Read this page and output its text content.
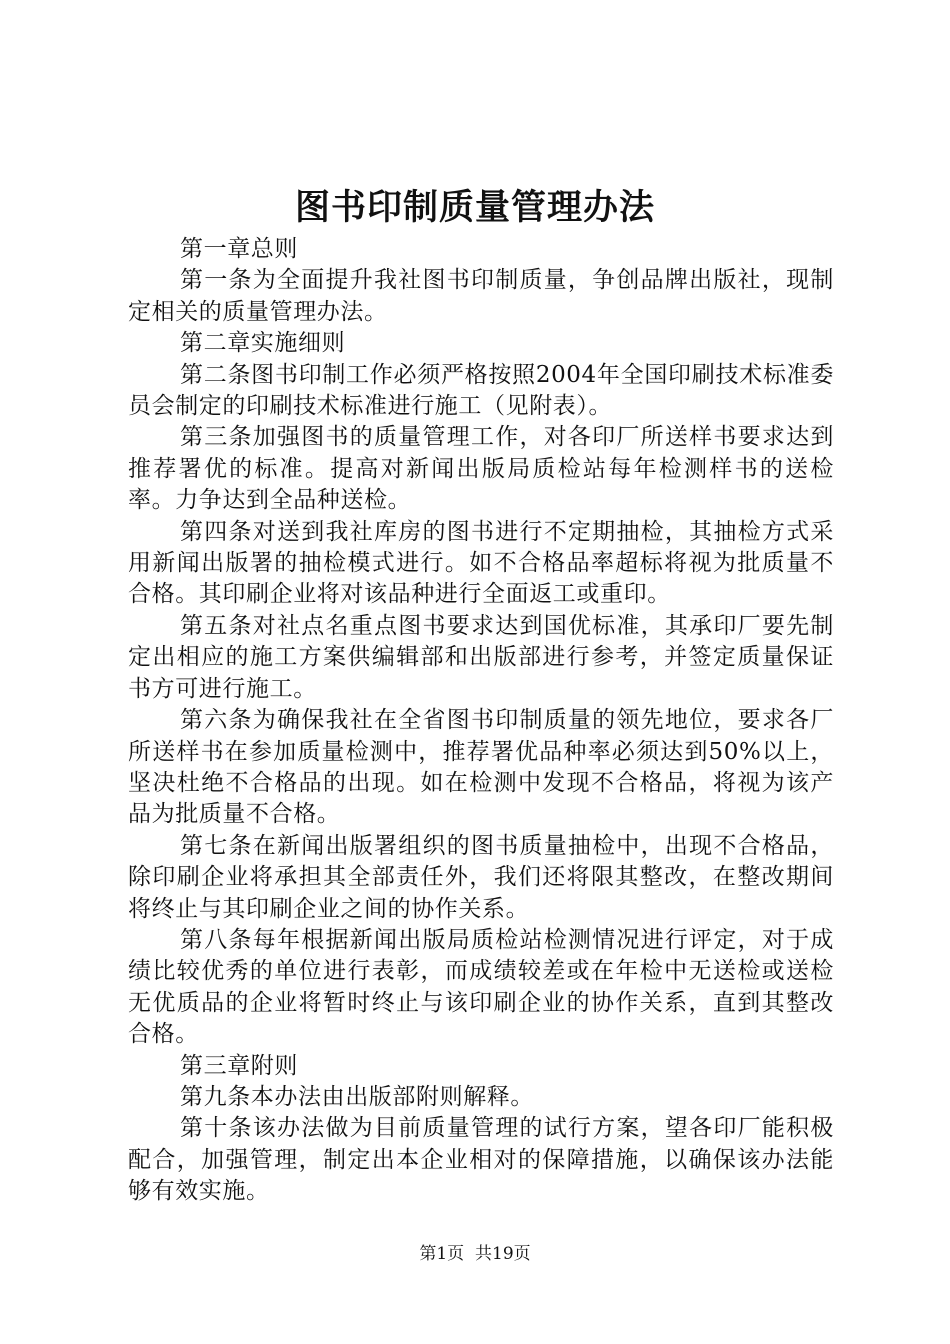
图书印制质量管理办法

第一章总则

第一条为全面提升我社图书印制质量，争创品牌出版社，现制定相关的质量管理办法。

第二章实施细则

第二条图书印制工作必须严格按照2004年全国印刷技术标准委员会制定的印刷技术标准进行施工（见附表）。

第三条加强图书的质量管理工作，对各印厂所送样书要求达到推荐署优的标准。提高对新闻出版局质检站每年检测样书的送检率。力争达到全品种送检。

第四条对送到我社库房的图书进行不定期抽检，其抽检方式采用新闻出版署的抽检模式进行。如不合格品率超标将视为批质量不合格。其印刷企业将对该品种进行全面返工或重印。

第五条对社点名重点图书要求达到国优标准，其承印厂要先制定出相应的施工方案供编辑部和出版部进行参考，并签定质量保证书方可进行施工。

第六条为确保我社在全省图书印制质量的领先地位，要求各厂所送样书在参加质量检测中，推荐署优品种率必须达到50%以上，坚决杜绝不合格品的出现。如在检测中发现不合格品，将视为该产品为批质量不合格。

第七条在新闻出版署组织的图书质量抽检中，出现不合格品，除印刷企业将承担其全部责任外，我们还将限其整改，在整改期间将终止与其印刷企业之间的协作关系。

第八条每年根据新闻出版局质检站检测情况进行评定，对于成绩比较优秀的单位进行表彰，而成绩较差或在年检中无送检或送检无优质品的企业将暂时终止与该印刷企业的协作关系，直到其整改合格。

第三章附则

第九条本办法由出版部附则解释。

第十条该办法做为目前质量管理的试行方案，望各印厂能积极配合，加强管理，制定出本企业相对的保障措施，以确保该办法能够有效实施。

第1页 共19页
